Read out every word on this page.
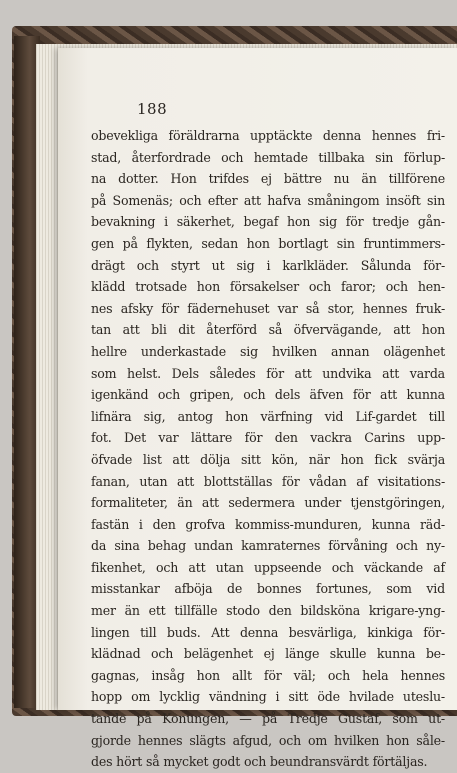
188
obevekliga föräldrarna upptäckte denna hennes fri-
stad, återfordrade och hemtade tillbaka sin förlup-
na dotter. Hon trifdes ej bättre nu än tillförene
på Somenäs; och efter att hafva småningom insöft sin
bevakning i säkerhet, begaf hon sig för tredje gån-
gen på flykten, sedan hon bortlagt sin fruntimmers-
drägt och styrt ut sig i karlkläder. Sålunda för-
klädd trotsade hon försakelser och faror; och hen-
nes afsky för fädernehuset var så stor, hennes fruk-
tan att bli dit återförd så öfvervägande, att hon
hellre underkastade sig hvilken annan olägenhet
som helst. Dels således för att undvika att varda
igenkänd och gripen, och dels äfven för att kunna
lifnära sig, antog hon värfning vid Lif-gardet till
fot. Det var lättare för den vackra Carins upp-
öfvade list att dölja sitt kön, när hon fick svärja
fanan, utan att blottställas för vådan af visitations-
formaliteter, än att sedermera under tjenstgöringen,
fastän i den grofva kommiss-munduren, kunna räd-
da sina behag undan kamraternes förvåning och ny-
fikenhet, och att utan uppseende och väckande af
misstankar afböja de bonnes fortunes, som vid
mer än ett tillfälle stodo den bildsköna krigare-yng-
lingen till buds. Att denna besvärliga, kinkiga för-
klädnad och belägenhet ej länge skulle kunna be-
gagnas, insåg hon allt för väl; och hela hennes
hopp om lycklig vändning i sitt öde hvilade uteslu-
tande på Konungen, — på Tredje Gustaf, som ut-
gjorde hennes slägts afgud, och om hvilken hon såle-
des hört så mycket godt och beundransvärdt förtäljas.
